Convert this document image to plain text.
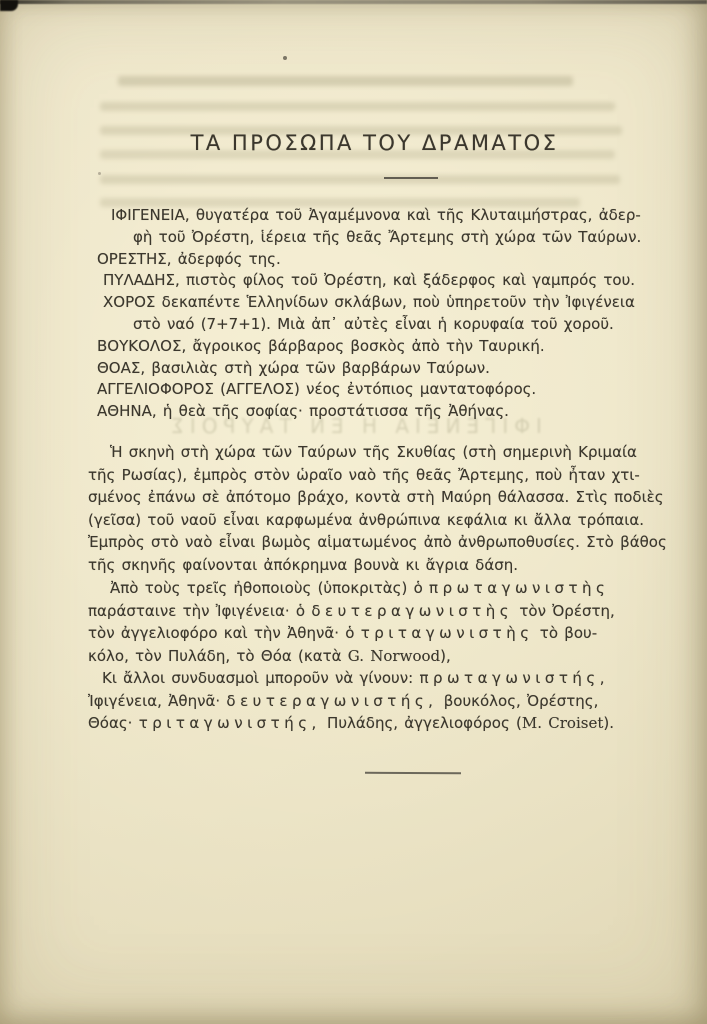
ΙΦΙΓΕΝΕΙΑ Η ΕΝ ΤΑΥΡΟΙΣ
ΤΑ ΠΡΟΣΩΠΑ ΤΟΥ ΔΡΑΜΑΤΟΣ
ΙΦΙΓΕΝΕΙΑ, θυγατέρα τοῦ Ἀγαμέμνονα καὶ τῆς Κλυταιμήστρας, ἀδερ-
φὴ τοῦ Ὀρέστη, ἱέρεια τῆς θεᾶς Ἄρτεμης στὴ χώρα τῶν Ταύρων.
ΟΡΕΣΤΗΣ, ἀδερφός της.
ΠΥΛΑΔΗΣ, πιστὸς φίλος τοῦ Ὀρέστη, καὶ ξάδερφος καὶ γαμπρός του.
ΧΟΡΟΣ δεκαπέντε Ἑλληνίδων σκλάβων, ποὺ ὑπηρετοῦν τὴν Ἰφιγένεια
στὸ ναό (7+7+1). Μιὰ ἀπ᾽ αὐτὲς εἶναι ἡ κορυφαία τοῦ χοροῦ.
ΒΟΥΚΟΛΟΣ, ἄγροικος βάρβαρος βοσκὸς ἀπὸ τὴν Ταυρική.
ΘΟΑΣ, βασιλιὰς στὴ χώρα τῶν βαρβάρων Ταύρων.
ΑΓΓΕΛΙΟΦΟΡΟΣ (ΑΓΓΕΛΟΣ) νέος ἐντόπιος μαντατοφόρος.
ΑΘΗΝΑ, ἡ θεὰ τῆς σοφίας· προστάτισσα τῆς Ἀθήνας.
Ἡ σκηνὴ στὴ χώρα τῶν Ταύρων τῆς Σκυθίας (στὴ σημερινὴ Κριμαία
τῆς Ρωσίας), ἐμπρὸς στὸν ὡραῖο ναὸ τῆς θεᾶς Ἄρτεμης, ποὺ ἦταν χτι-
σμένος ἐπάνω σὲ ἀπότομο βράχο, κοντὰ στὴ Μαύρη θάλασσα. Στὶς ποδιὲς
(γεῖσα) τοῦ ναοῦ εἶναι καρφωμένα ἀνθρώπινα κεφάλια κι ἄλλα τρόπαια.
Ἐμπρὸς στὸ ναὸ εἶναι βωμὸς αἱματωμένος ἀπὸ ἀνθρωποθυσίες. Στὸ βάθος
τῆς σκηνῆς φαίνονται ἀπόκρημνα βουνὰ κι ἄγρια δάση.
Ἀπὸ τοὺς τρεῖς ἠθοποιοὺς (ὑποκριτὰς) ὁ πρωταγωνιστὴς
παράσταινε τὴν Ἰφιγένεια· ὁ δευτεραγωνιστὴς τὸν Ὀρέστη,
τὸν ἀγγελιοφόρο καὶ τὴν Ἀθηνᾶ· ὁ τριταγωνιστὴς τὸ βου-
κόλο, τὸν Πυλάδη, τὸ Θόα (κατὰ G. Norwood),
Κι ἄλλοι συνδυασμοὶ μποροῦν νὰ γίνουν: πρωταγωνιστής,
Ἰφιγένεια, Ἀθηνᾶ· δευτεραγωνιστής, βουκόλος, Ὀρέστης,
Θόας· τριταγωνιστής, Πυλάδης, ἀγγελιοφόρος (M. Croiset).
